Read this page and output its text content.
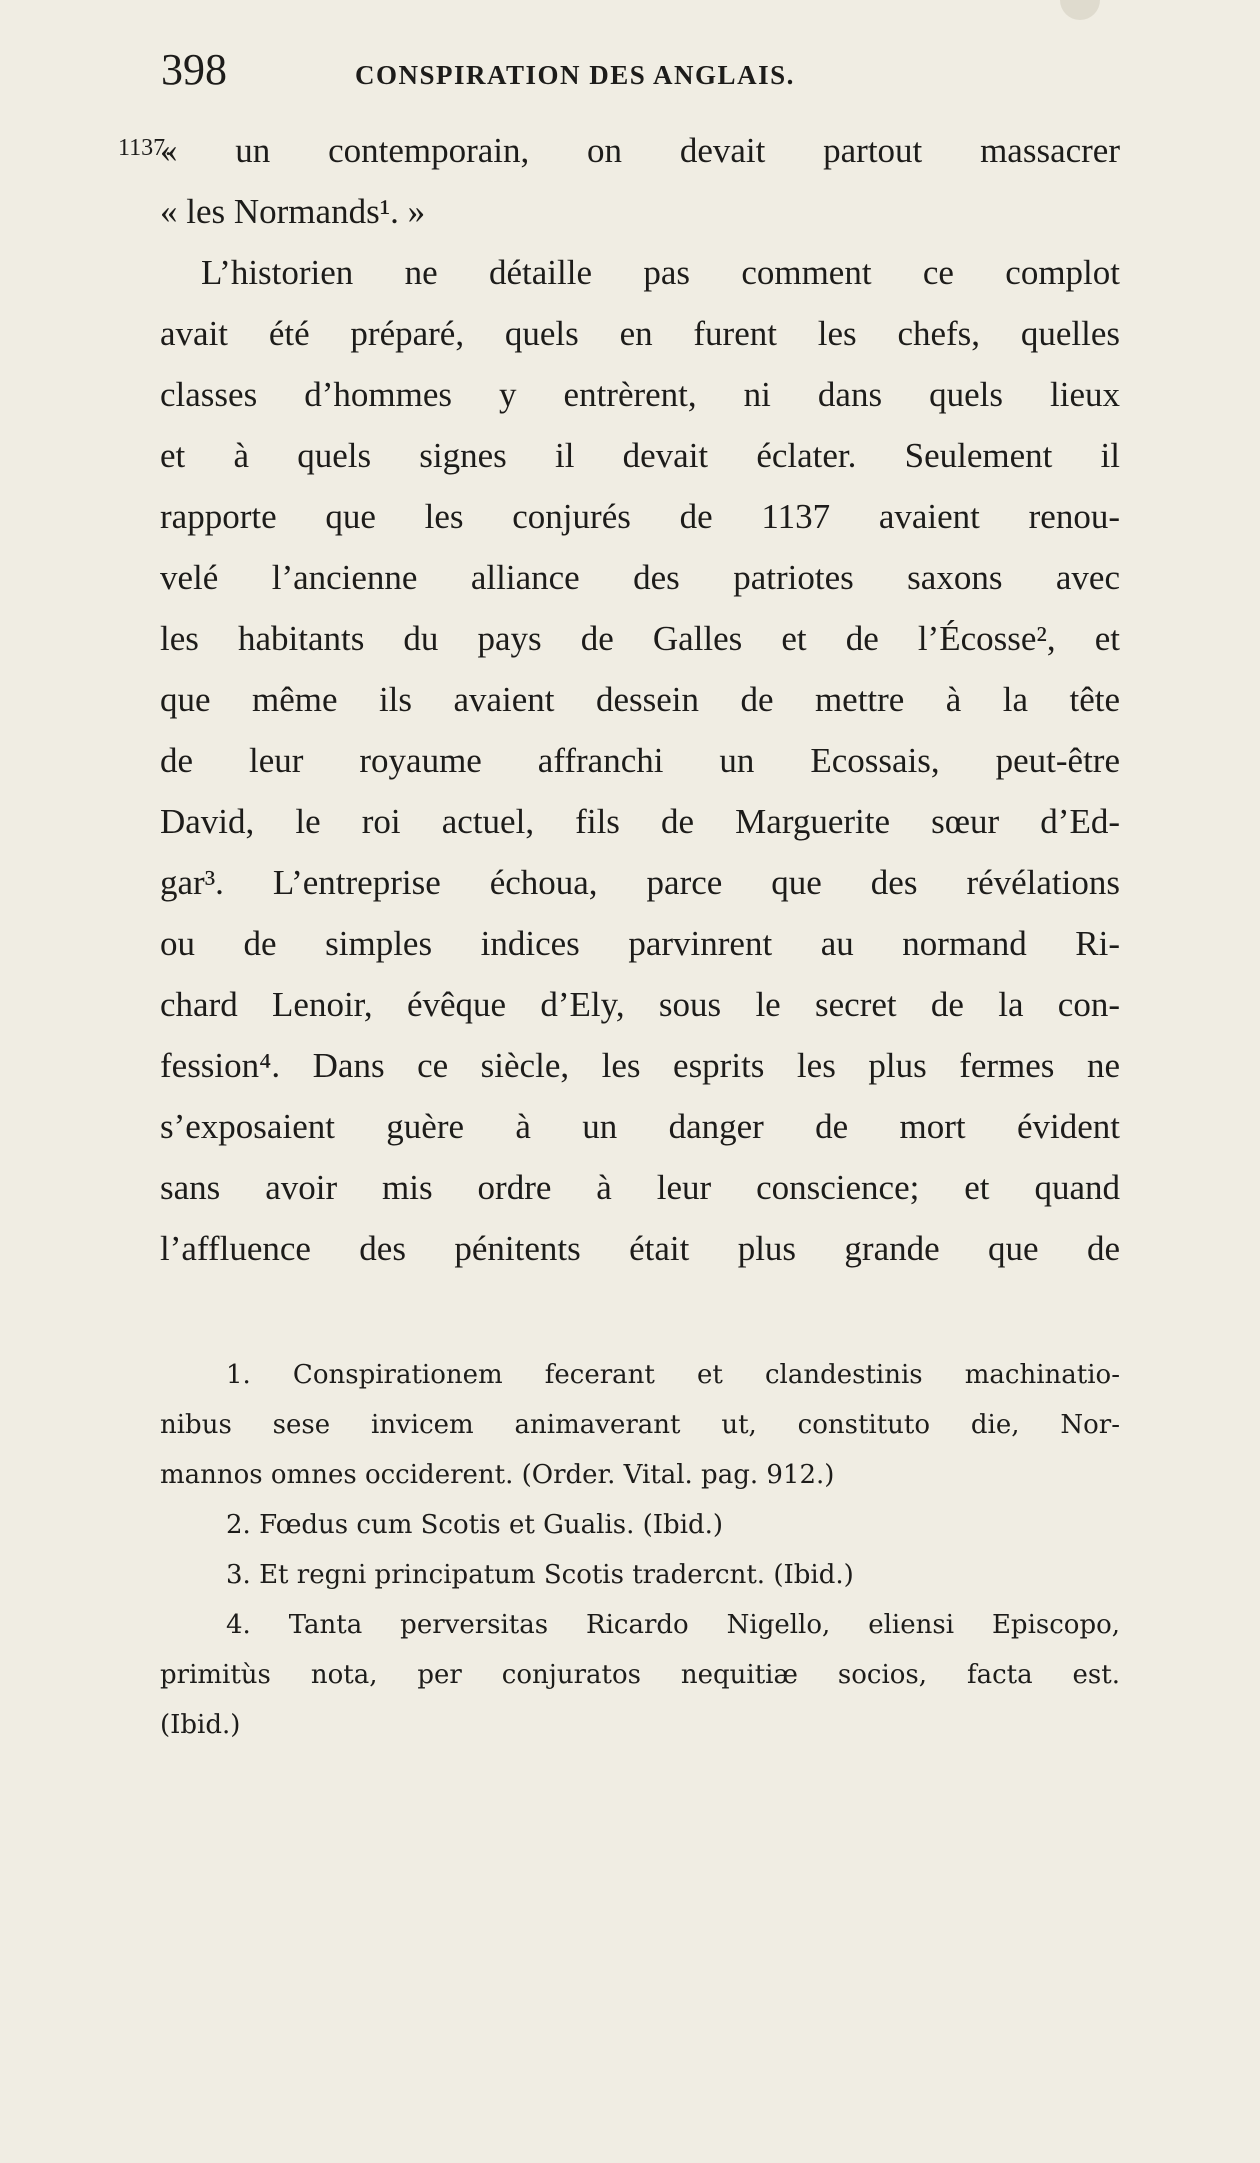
398	CONSPIRATION DES ANGLAIS.
1137.
« un contemporain, on devait partout massacrer
« les Normands¹. »
L’historien ne détaille pas comment ce complot
avait été préparé, quels en furent les chefs, quelles
classes d’hommes y entrèrent, ni dans quels lieux
et à quels signes il devait éclater. Seulement il
rapporte que les conjurés de 1137 avaient renou-
velé l’ancienne alliance des patriotes saxons avec
les habitants du pays de Galles et de l’Écosse², et
que même ils avaient dessein de mettre à la tête
de leur royaume affranchi un Ecossais, peut-être
David, le roi actuel, fils de Marguerite sœur d’Ed-
gar³. L’entreprise échoua, parce que des révélations
ou de simples indices parvinrent au normand Ri-
chard Lenoir, évêque d’Ely, sous le secret de la con-
fession⁴. Dans ce siècle, les esprits les plus fermes ne
s’exposaient guère à un danger de mort évident
sans avoir mis ordre à leur conscience; et quand
l’affluence des pénitents était plus grande que de
1. Conspirationem fecerant et clandestinis machinatio-
nibus sese invicem animaverant ut, constituto die, Nor-
mannos omnes occiderent. (Order. Vital. pag. 912.)
2. Fœdus cum Scotis et Gualis. (Ibid.)
3. Et regni principatum Scotis tradercnt. (Ibid.)
4. Tanta perversitas Ricardo Nigello, eliensi Episcopo,
primitùs nota, per conjuratos nequitiæ socios, facta est.
(Ibid.)
